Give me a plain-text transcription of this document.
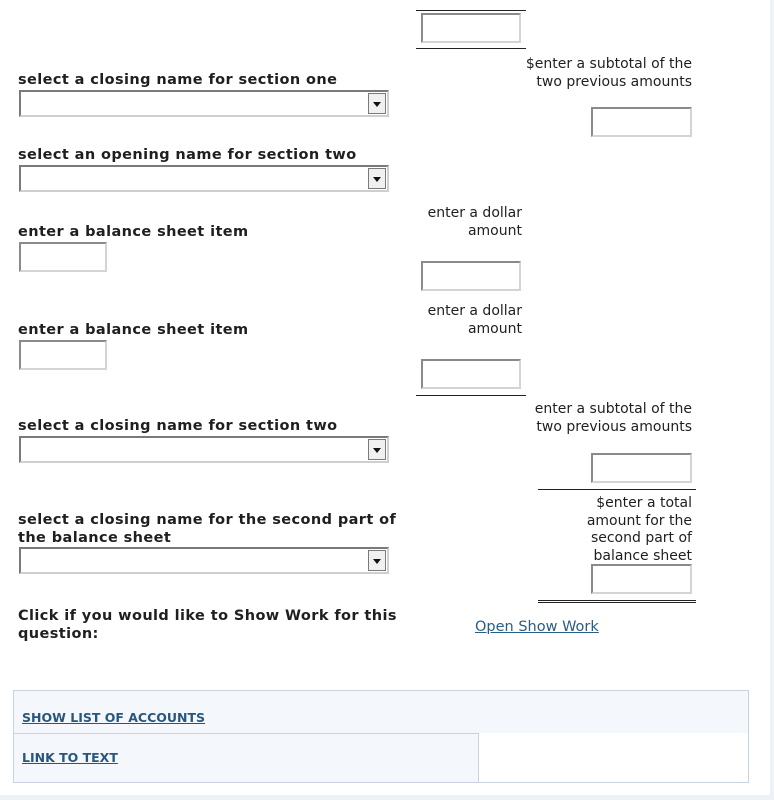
select a closing name for section one
$enter a subtotal of the two previous amounts
select an opening name for section two
enter a balance sheet item
enter a dollar amount
enter a balance sheet item
enter a dollar amount
select a closing name for section two
enter a subtotal of the two previous amounts
select a closing name for the second part of the balance sheet
$enter a total amount for the second part of balance sheet
Click if you would like to Show Work for this question:	Open Show Work
SHOW LIST OF ACCOUNTS
LINK TO TEXT
